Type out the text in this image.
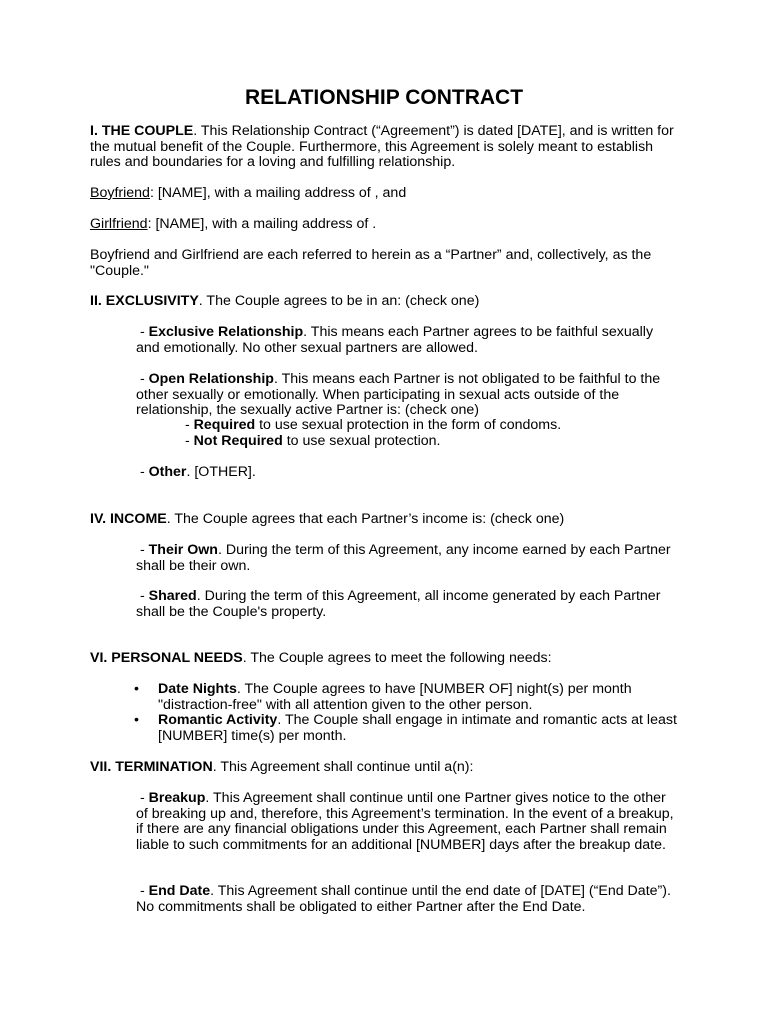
RELATIONSHIP CONTRACT

I. THE COUPLE. This Relationship Contract (“Agreement”) is dated [DATE], and is written for the mutual benefit of the Couple. Furthermore, this Agreement is solely meant to establish rules and boundaries for a loving and fulfilling relationship.

Boyfriend: [NAME], with a mailing address of , and

Girlfriend: [NAME], with a mailing address of .

Boyfriend and Girlfriend are each referred to herein as a “Partner” and, collectively, as the "Couple."

II. EXCLUSIVITY. The Couple agrees to be in an: (check one)

- Exclusive Relationship. This means each Partner agrees to be faithful sexually and emotionally. No other sexual partners are allowed.

- Open Relationship. This means each Partner is not obligated to be faithful to the other sexually or emotionally. When participating in sexual acts outside of the relationship, the sexually active Partner is: (check one)

- Required to use sexual protection in the form of condoms.

- Not Required to use sexual protection.

- Other. [OTHER].

IV. INCOME. The Couple agrees that each Partner’s income is: (check one)

- Their Own. During the term of this Agreement, any income earned by each Partner shall be their own.

- Shared. During the term of this Agreement, all income generated by each Partner shall be the Couple's property.

VI. PERSONAL NEEDS. The Couple agrees to meet the following needs:

• Date Nights. The Couple agrees to have [NUMBER OF] night(s) per month "distraction-free" with all attention given to the other person.

• Romantic Activity. The Couple shall engage in intimate and romantic acts at least [NUMBER] time(s) per month.

VII. TERMINATION. This Agreement shall continue until a(n):

- Breakup. This Agreement shall continue until one Partner gives notice to the other of breaking up and, therefore, this Agreement’s termination. In the event of a breakup, if there are any financial obligations under this Agreement, each Partner shall remain liable to such commitments for an additional [NUMBER] days after the breakup date.

- End Date. This Agreement shall continue until the end date of [DATE] (“End Date”). No commitments shall be obligated to either Partner after the End Date.
